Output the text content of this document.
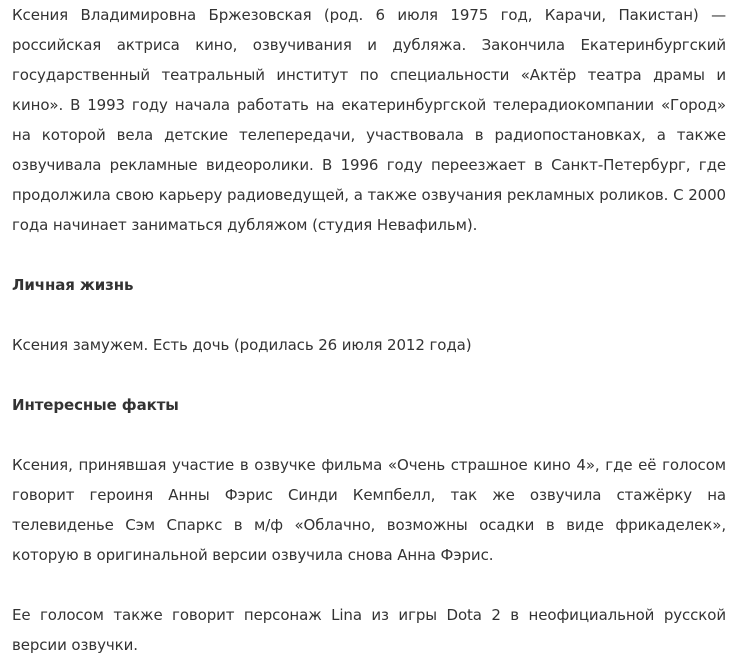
Ксения Владимировна Бржезовская (род. 6 июля 1975 год, Карачи, Пакистан) — российская актриса кино, озвучивания и дубляжа. Закончила Екатеринбургский государственный театральный институт по специальности «Актёр театра драмы и кино». В 1993 году начала работать на екатеринбургской телерадиокомпании «Город» на которой вела детские телепередачи, участвовала в радиопостановках, а также озвучивала рекламные видеоролики. В 1996 году переезжает в Санкт-Петербург, где продолжила свою карьеру радиоведущей, а также озвучания рекламных роликов. С 2000 года начинает заниматься дубляжом (студия Невафильм).

Личная жизнь

Ксения замужем. Есть дочь (родилась 26 июля 2012 года)

Интересные факты

Ксения, принявшая участие в озвучке фильма «Очень страшное кино 4», где её голосом говорит героиня Анны Фэрис Синди Кемпбелл, так же озвучила стажёрку на телевиденье Сэм Спаркс в м/ф «Облачно, возможны осадки в виде фрикаделек», которую в оригинальной версии озвучила снова Анна Фэрис.

Ее голосом также говорит персонаж Lina из игры Dota 2 в неофициальной русской версии озвучки.
